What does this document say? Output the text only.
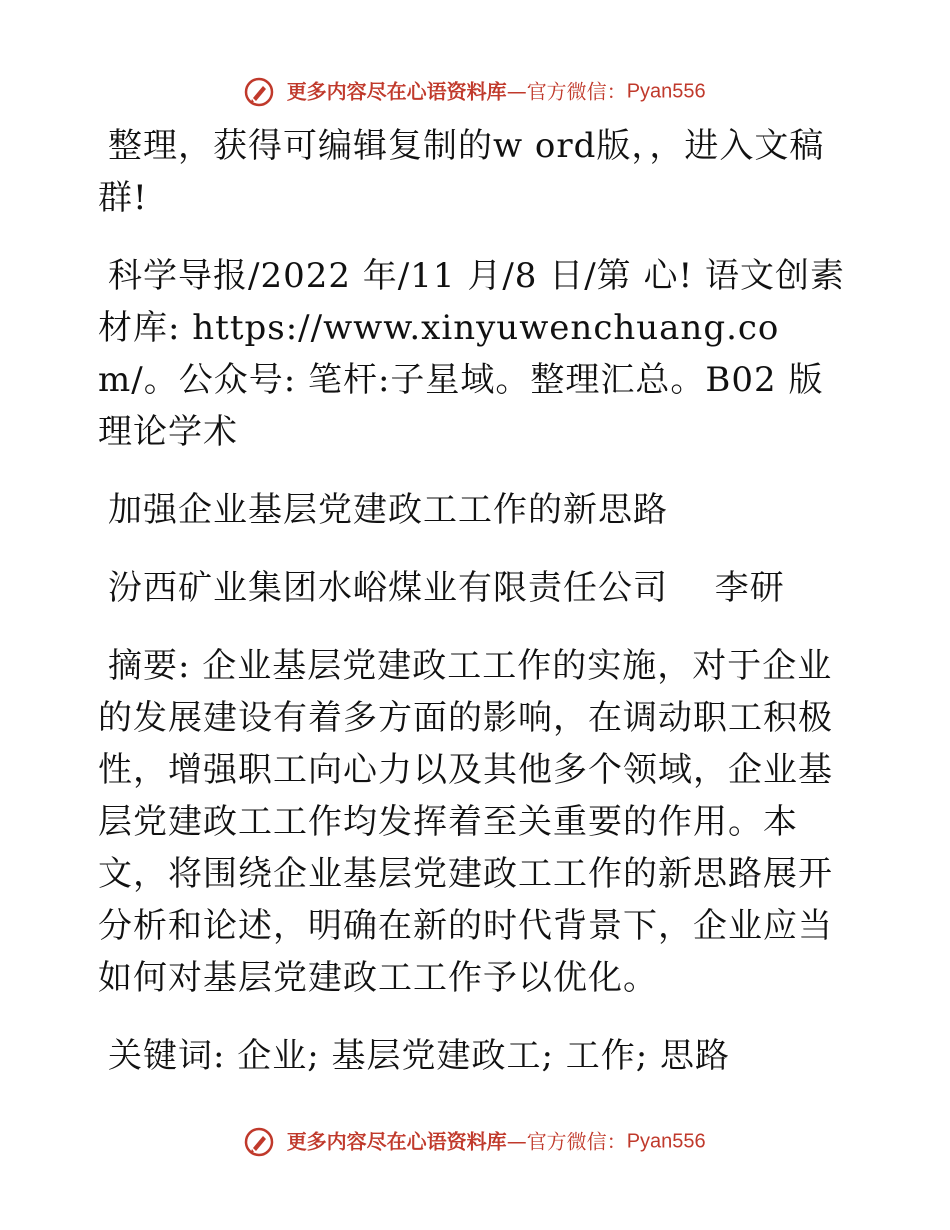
更多内容尽在心语资料库—官方微信：Pyan556

整理，获得可编辑复制的w ord版，，进入文稿群!

科学导报/2022 年/11 月/8 日/第 心! 语文创素材库: https://www.xinyuwenchuang.com/。公众号: 笔杆:子星域。整理汇总。B02 版理论学术

加强企业基层党建政工工作的新思路

汾西矿业集团水峪煤业有限责任公司　 李研

摘要: 企业基层党建政工工作的实施，对于企业的发展建设有着多方面的影响，在调动职工积极性，增强职工向心力以及其他多个领域，企业基层党建政工工作均发挥着至关重要的作用。本文，将围绕企业基层党建政工工作的新思路展开分析和论述，明确在新的时代背景下，企业应当如何对基层党建政工工作予以优化。

关键词: 企业; 基层党建政工; 工作; 思路

更多内容尽在心语资料库—官方微信：Pyan556
